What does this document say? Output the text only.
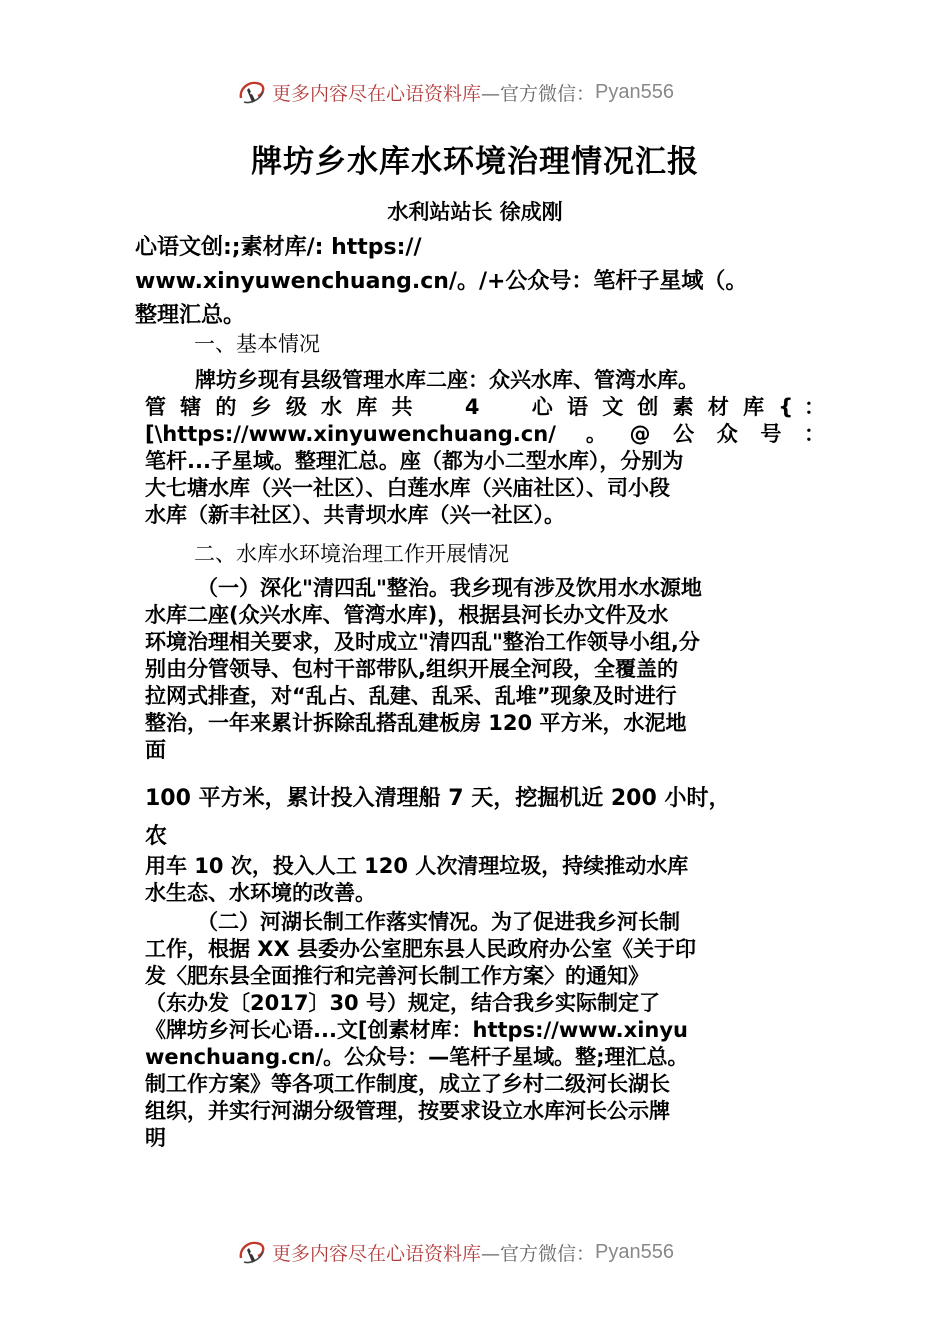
更多内容尽在心语资料库 —官方微信： Pyan556
牌坊乡水库水环境治理情况汇报
水利站站长 徐成刚
心语文创:;素材库/: https://
www.xinyuwenchuang.cn/。/+公众号：笔杆子星域（。
整理汇总。
一、基本情况
牌坊乡现有县级管理水库二座：众兴水库、管湾水库。
管 辖 的 乡 级 水 库 共　　4　　心 语 文 创 素 材 库 { ：
[\https://www.xinyuwenchuang.cn/ 。@公众号：
笔杆...子星域。整理汇总。座（都为小二型水库），分别为
大七塘水库（兴一社区）、白莲水库（兴庙社区）、司小段
水库（新丰社区）、共青坝水库（兴一社区）。
二、水库水环境治理工作开展情况
（一）深化"清四乱"整治。我乡现有涉及饮用水水源地
水库二座(众兴水库、管湾水库)，根据县河长办文件及水
环境治理相关要求，及时成立"清四乱"整治工作领导小组,分
别由分管领导、包村干部带队,组织开展全河段，全覆盖的
拉网式排查，对“乱占、乱建、乱采、乱堆”现象及时进行
整治，一年来累计拆除乱搭乱建板房 120 平方米，水泥地
面
100 平方米，累计投入清理船 7 天，挖掘机近 200 小时，
农
用车 10 次，投入人工 120 人次清理垃圾，持续推动水库
水生态、水环境的改善。
（二）河湖长制工作落实情况。为了促进我乡河长制
工作，根据 XX 县委办公室肥东县人民政府办公室《关于印
发〈肥东县全面推行和完善河长制工作方案〉的通知》
（东办发〔2017〕30 号）规定，结合我乡实际制定了
《牌坊乡河长心语...文[创素材库：https://www.xinyu
wenchuang.cn/。公众号：—笔杆子星域。整;理汇总。
制工作方案》等各项工作制度，成立了乡村二级河长湖长
组织，并实行河湖分级管理，按要求设立水库河长公示牌
明
更多内容尽在心语资料库 —官方微信： Pyan556
